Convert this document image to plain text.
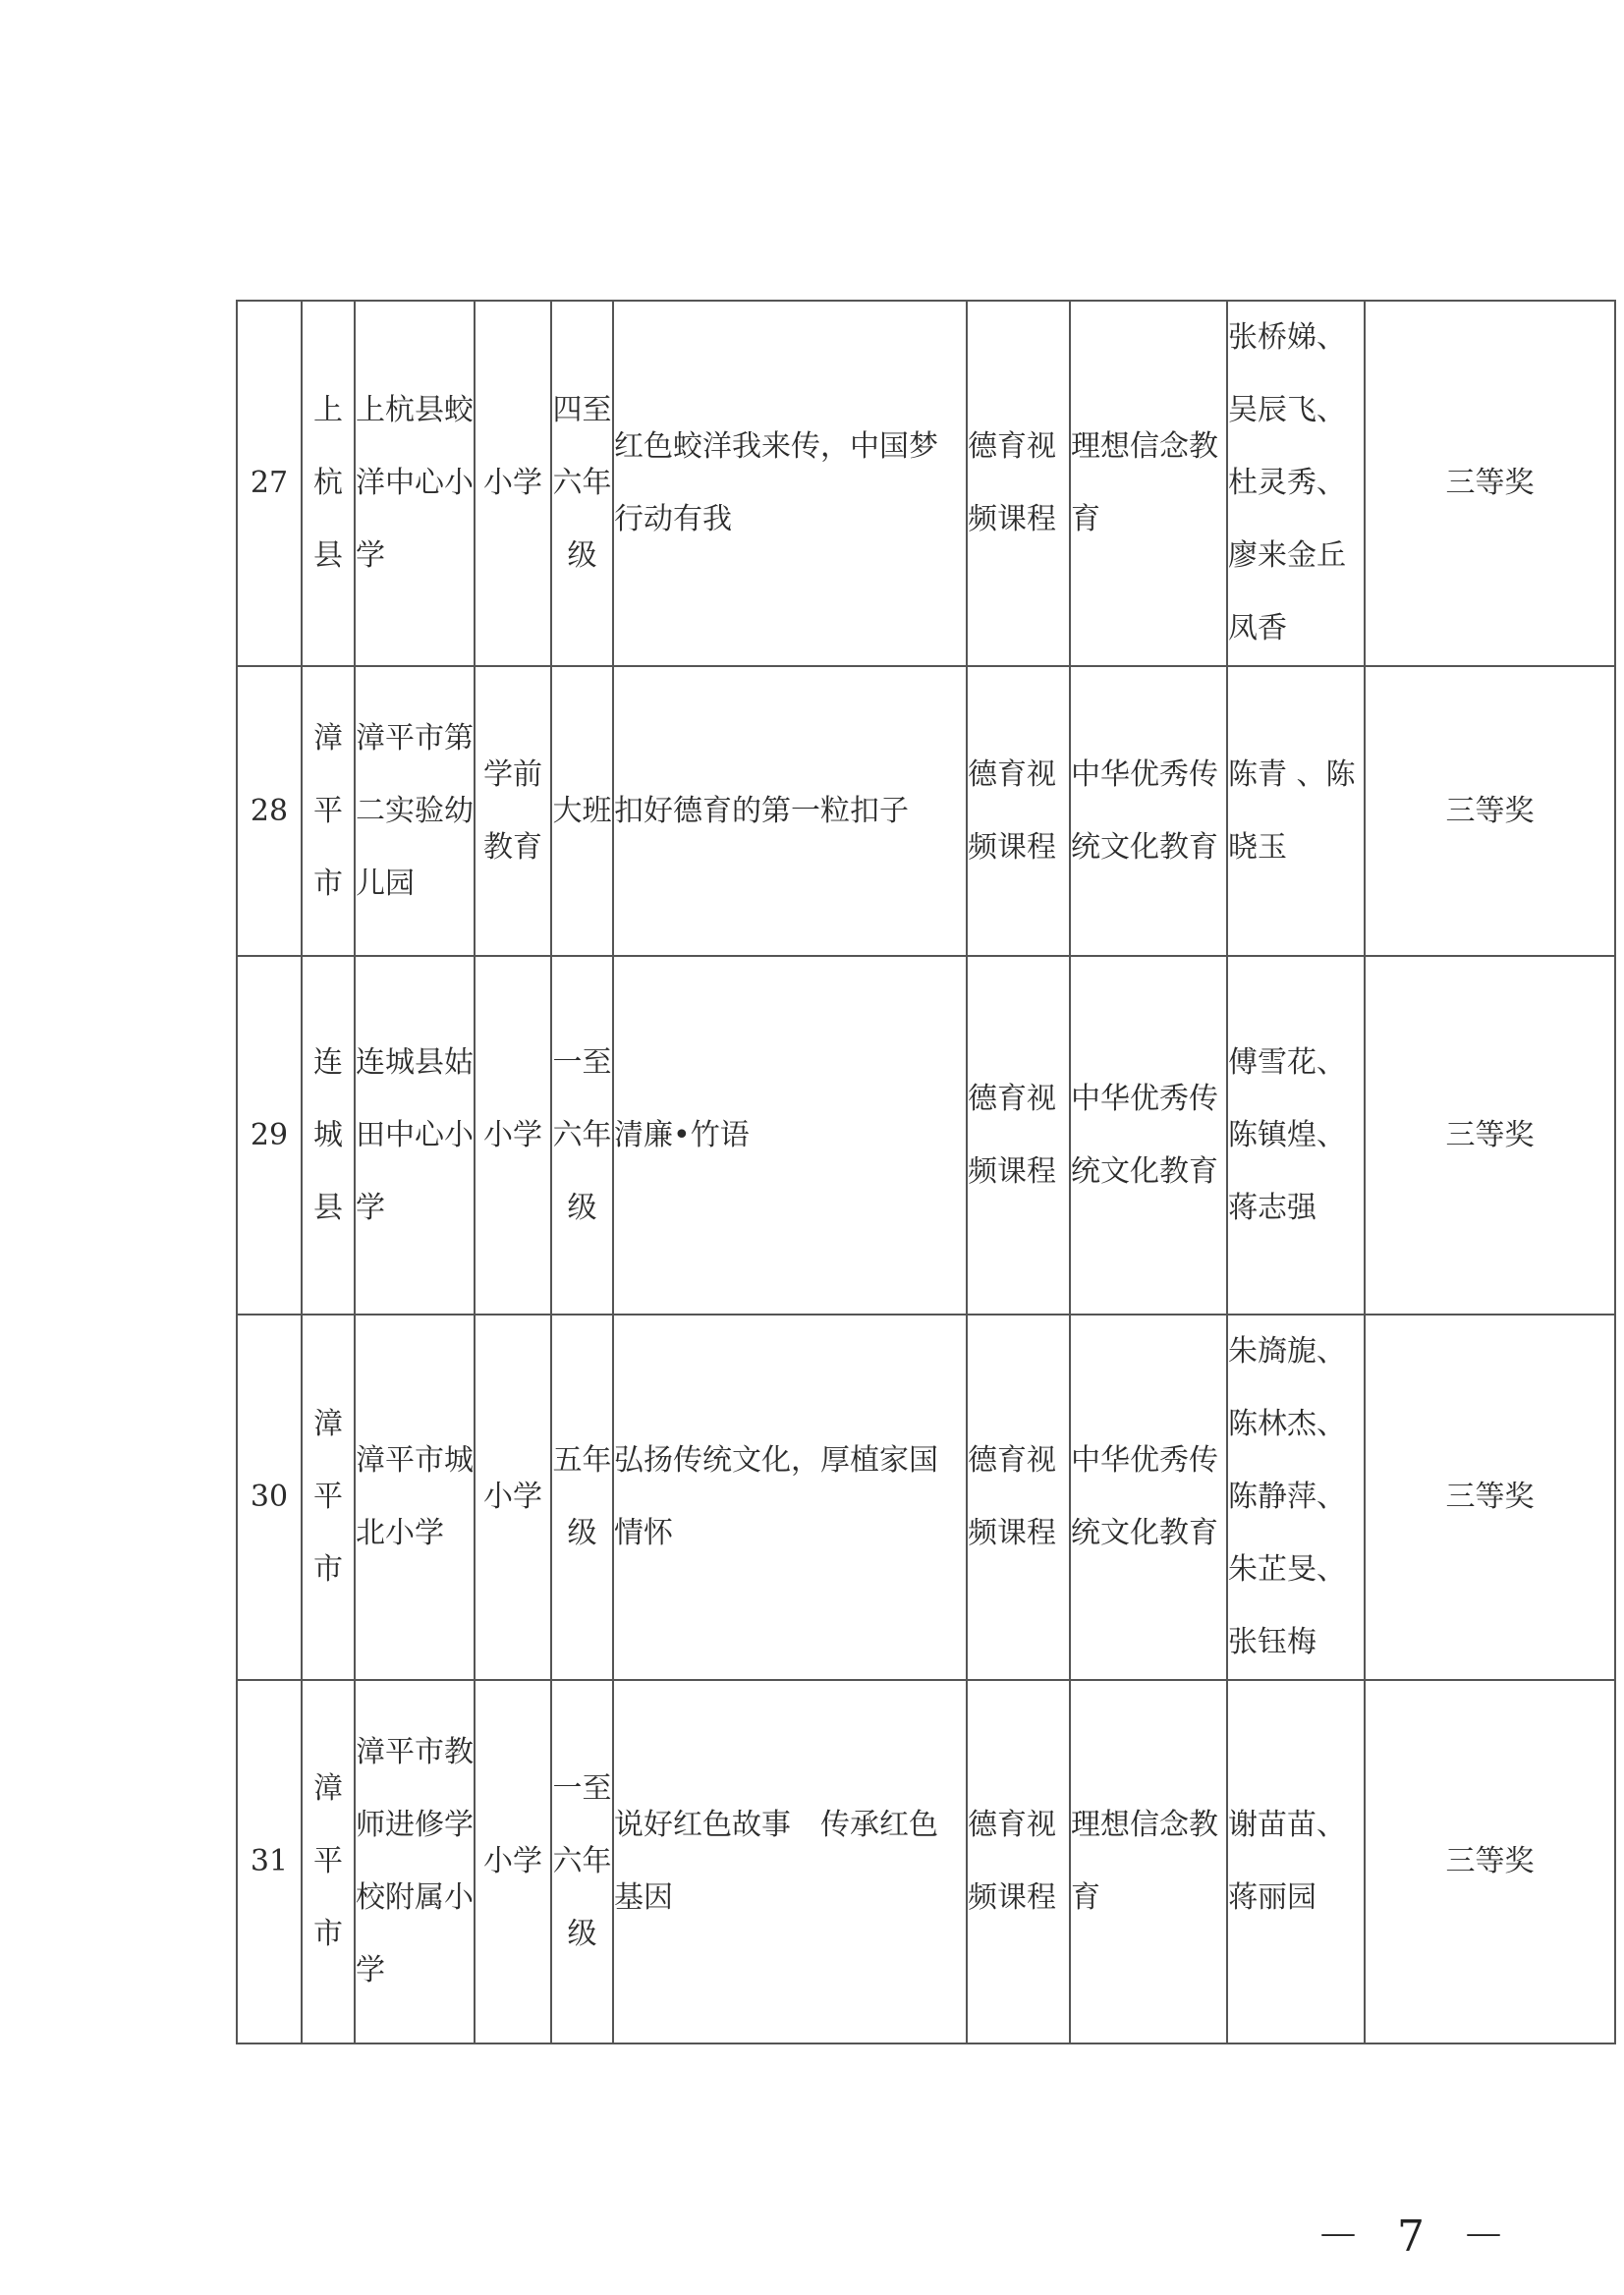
27	上杭县	上杭县蛟洋中心小学	小学	四至六年级	红色蛟洋我来传，中国梦行动有我	德育视频课程	理想信念教育	张桥娣、吴辰飞、杜灵秀、廖来金丘凤香	三等奖
28	漳平市	漳平市第二实验幼儿园	学前教育	大班	扣好德育的第一粒扣子	德育视频课程	中华优秀传统文化教育	陈青 、陈晓玉	三等奖
29	连城县	连城县姑田中心小学	小学	一至六年级	清廉•竹语	德育视频课程	中华优秀传统文化教育	傅雪花、陈镇煌、蒋志强	三等奖
30	漳平市	漳平市城北小学	小学	五年级	弘扬传统文化，厚植家国情怀	德育视频课程	中华优秀传统文化教育	朱旖旎、陈林杰、陈静萍、朱芷旻、张钰梅	三等奖
31	漳平市	漳平市教师进修学校附属小学	小学	一至六年级	说好红色故事　传承红色基因	德育视频课程	理想信念教育	谢苗苗、蒋丽园	三等奖
－ 7 －
